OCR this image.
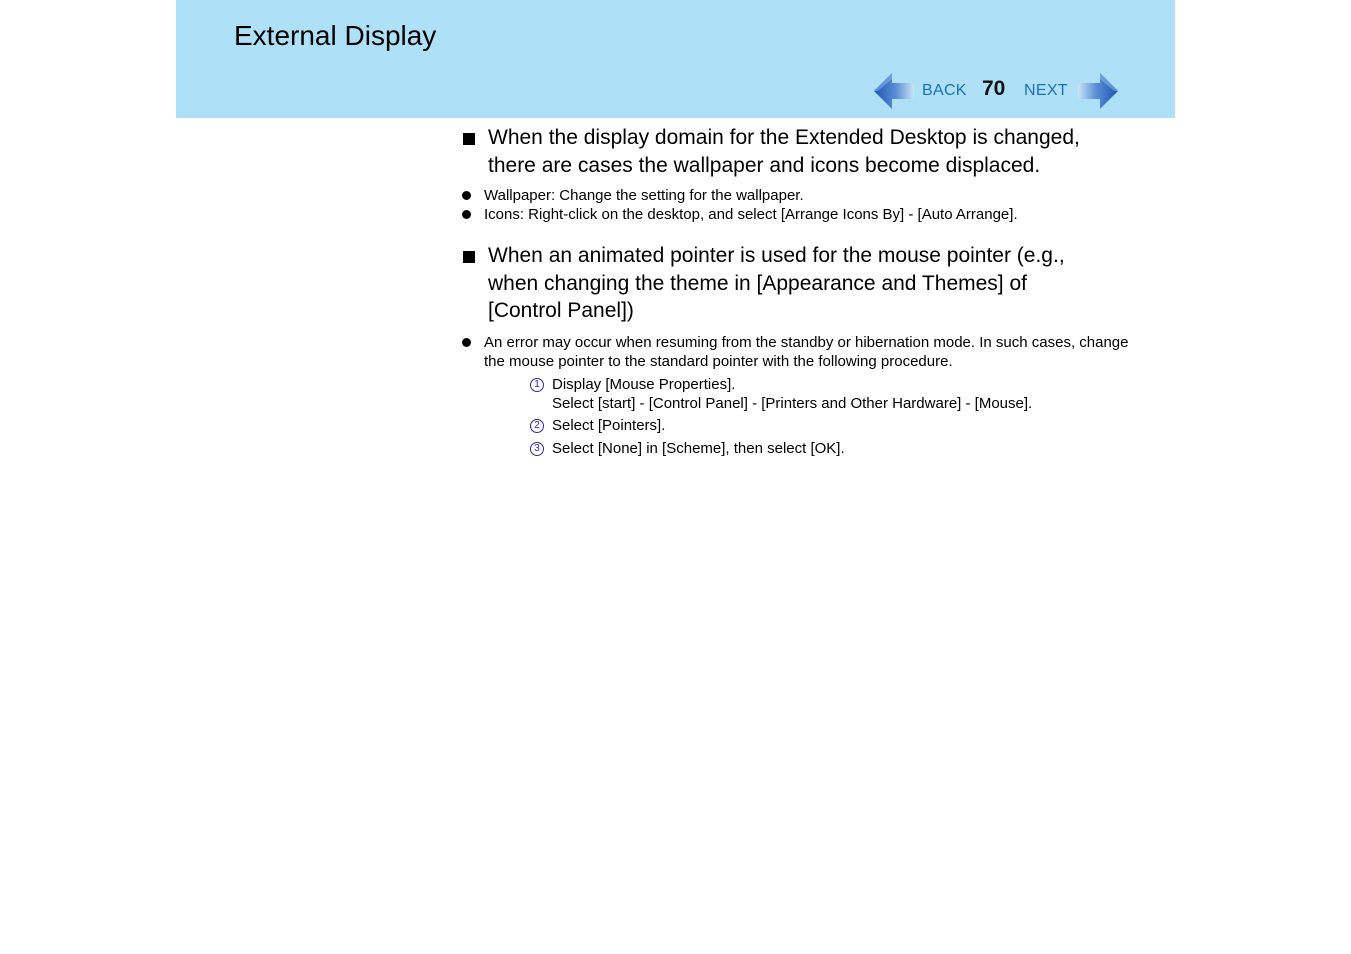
External Display
BACK 70 NEXT
When the display domain for the Extended Desktop is changed,
there are cases the wallpaper and icons become displaced.
Wallpaper: Change the setting for the wallpaper.
Icons: Right-click on the desktop, and select [Arrange Icons By] - [Auto Arrange].
When an animated pointer is used for the mouse pointer (e.g.,
when changing the theme in [Appearance and Themes] of
[Control Panel])
An error may occur when resuming from the standby or hibernation mode. In such cases, change the mouse pointer to the standard pointer with the following procedure.
1 Display [Mouse Properties].
Select [start] - [Control Panel] - [Printers and Other Hardware] - [Mouse].
2 Select [Pointers].
3 Select [None] in [Scheme], then select [OK].
